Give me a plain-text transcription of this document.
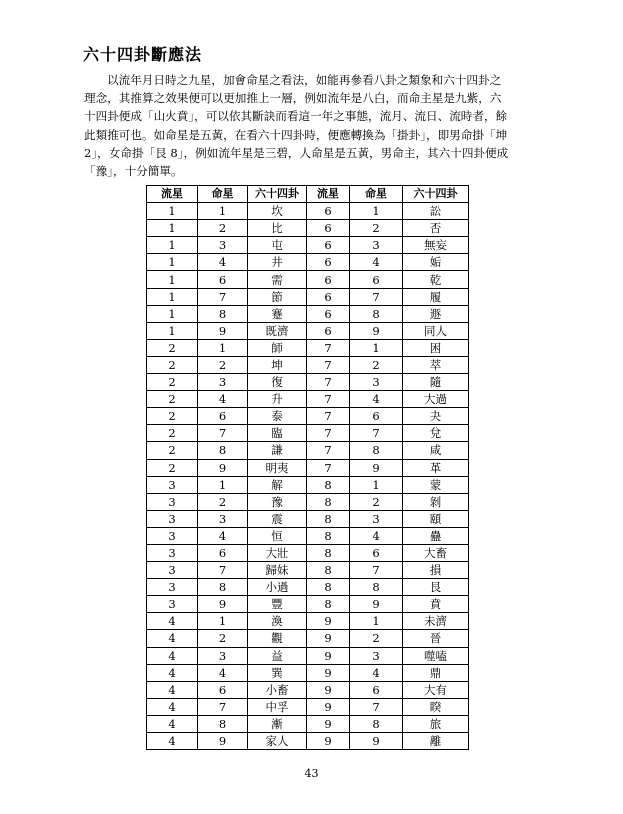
六十四卦斷應法

以流年月日時之九星，加會命星之看法，如能再參看八卦之類象和六十四卦之
理念，其推算之效果便可以更加推上一層，例如流年是八白，而命主星是九紫，六
十四卦便成「山火賁」，可以依其斷訣而看這一年之事態，流月、流日、流時者，餘
此類推可也。如命星是五黃，在看六十四卦時，便應轉換為「掛卦」，即男命掛「坤
2」，女命掛「艮 8」，例如流年星是三碧，人命星是五黃，男命主，其六十四卦便成
「豫」，十分簡單。

流星	命星	六十四卦	流星	命星	六十四卦
1	1	坎	6	1	訟
1	2	比	6	2	否
1	3	屯	6	3	無妄
1	4	井	6	4	姤
1	6	需	6	6	乾
1	7	節	6	7	履
1	8	蹇	6	8	遯
1	9	既濟	6	9	同人
2	1	師	7	1	困
2	2	坤	7	2	萃
2	3	復	7	3	隨
2	4	升	7	4	大過
2	6	泰	7	6	夬
2	7	臨	7	7	兌
2	8	謙	7	8	咸
2	9	明夷	7	9	革
3	1	解	8	1	蒙
3	2	豫	8	2	剝
3	3	震	8	3	頤
3	4	恒	8	4	蠱
3	6	大壯	8	6	大畜
3	7	歸妹	8	7	損
3	8	小過	8	8	艮
3	9	豐	8	9	賁
4	1	渙	9	1	未濟
4	2	觀	9	2	晉
4	3	益	9	3	噬嗑
4	4	巽	9	4	鼎
4	6	小畜	9	6	大有
4	7	中孚	9	7	睽
4	8	漸	9	8	旅
4	9	家人	9	9	離
43
